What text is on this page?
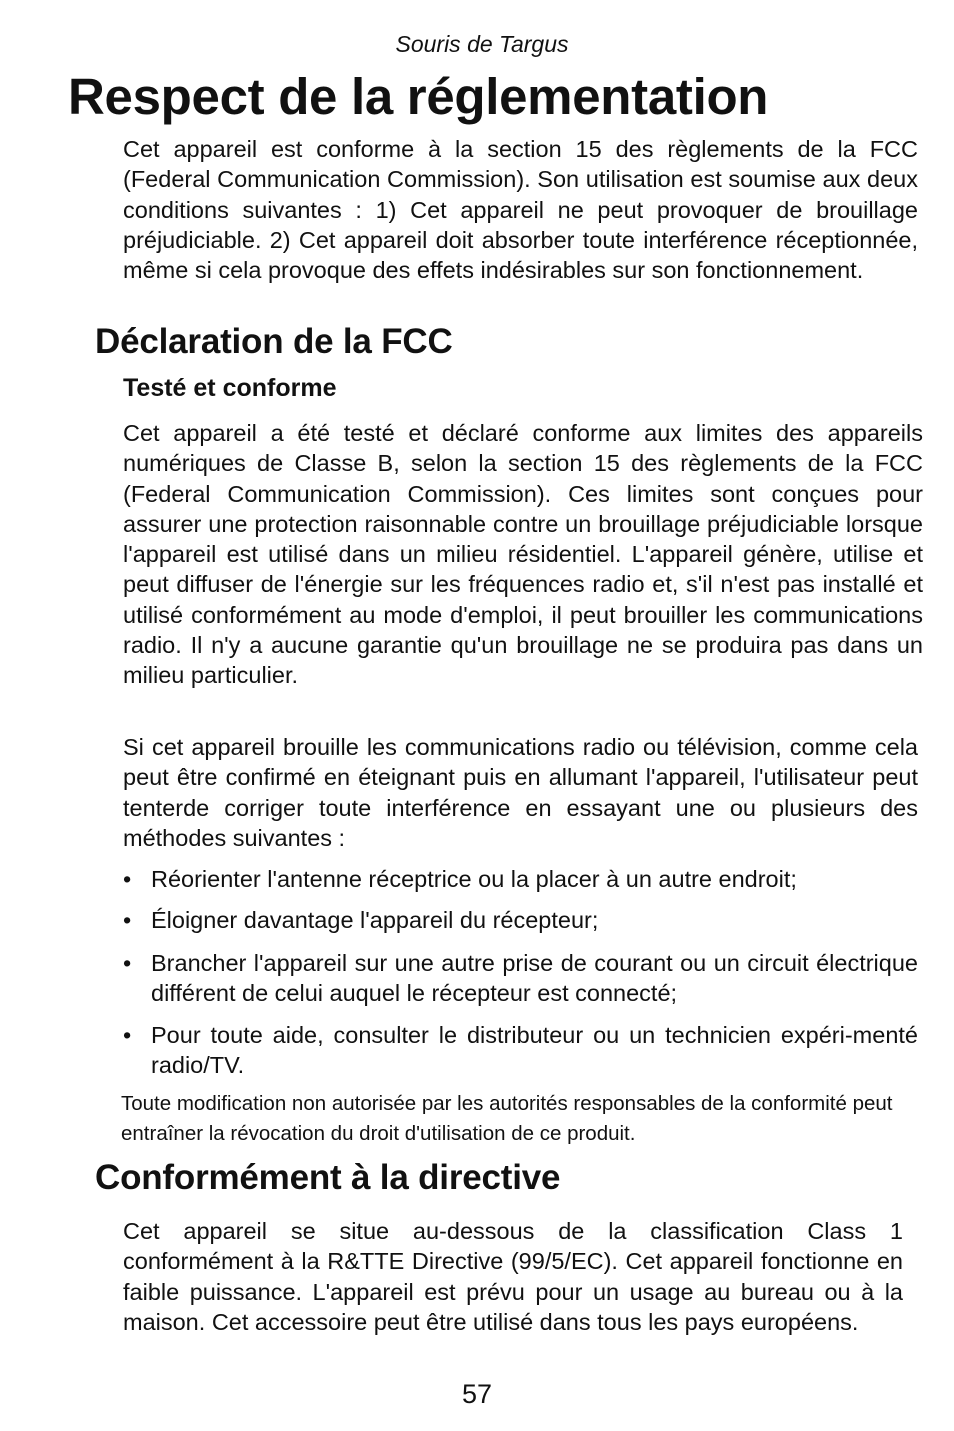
Souris de Targus
Respect de la réglementation

Cet appareil est conforme à la section 15 des règlements de la FCC (Federal Communication Commission). Son utilisation est soumise aux deux conditions suivantes : 1) Cet appareil ne peut provoquer de brouillage préjudiciable. 2) Cet appareil doit absorber toute interférence réceptionnée, même si cela provoque des effets indésirables sur son fonctionnement.

Déclaration de la FCC
Testé et conforme

Cet appareil a été testé et déclaré conforme aux limites des appareils numériques de Classe B, selon la section 15 des règlements de la FCC (Federal Communication Commission). Ces limites sont conçues pour assurer une protection raisonnable contre un brouillage préjudiciable lorsque l'appareil est utilisé dans un milieu résidentiel. L'appareil génère, utilise et peut diffuser de l'énergie sur les fréquences radio et, s'il n'est pas installé et utilisé conformément au mode d'emploi, il peut brouiller les communications radio. Il n'y a aucune garantie qu'un brouillage ne se produira pas dans un milieu particulier.

Si cet appareil brouille les communications radio ou télévision, comme cela peut être confirmé en éteignant puis en allumant l'appareil, l'utilisateur peut tenterde corriger toute interférence en essayant une ou plusieurs des méthodes suivantes :

• Réorienter l'antenne réceptrice ou la placer à un autre endroit;
• Éloigner davantage l'appareil du récepteur;
• Brancher l'appareil sur une autre prise de courant ou un circuit électrique différent de celui auquel le récepteur est connecté;
• Pour toute aide, consulter le distributeur ou un technicien expéri-menté radio/TV.

Toute modification non autorisée par les autorités responsables de la conformité peut entraîner la révocation du droit d'utilisation de ce produit.

Conformément à la directive

Cet appareil se situe au-dessous de la classification Class 1 conformément à la R&TTE Directive (99/5/EC). Cet appareil fonctionne en faible puissance. L'appareil est prévu pour un usage au bureau ou à la maison. Cet accessoire peut être utilisé dans tous les pays européens.

57
